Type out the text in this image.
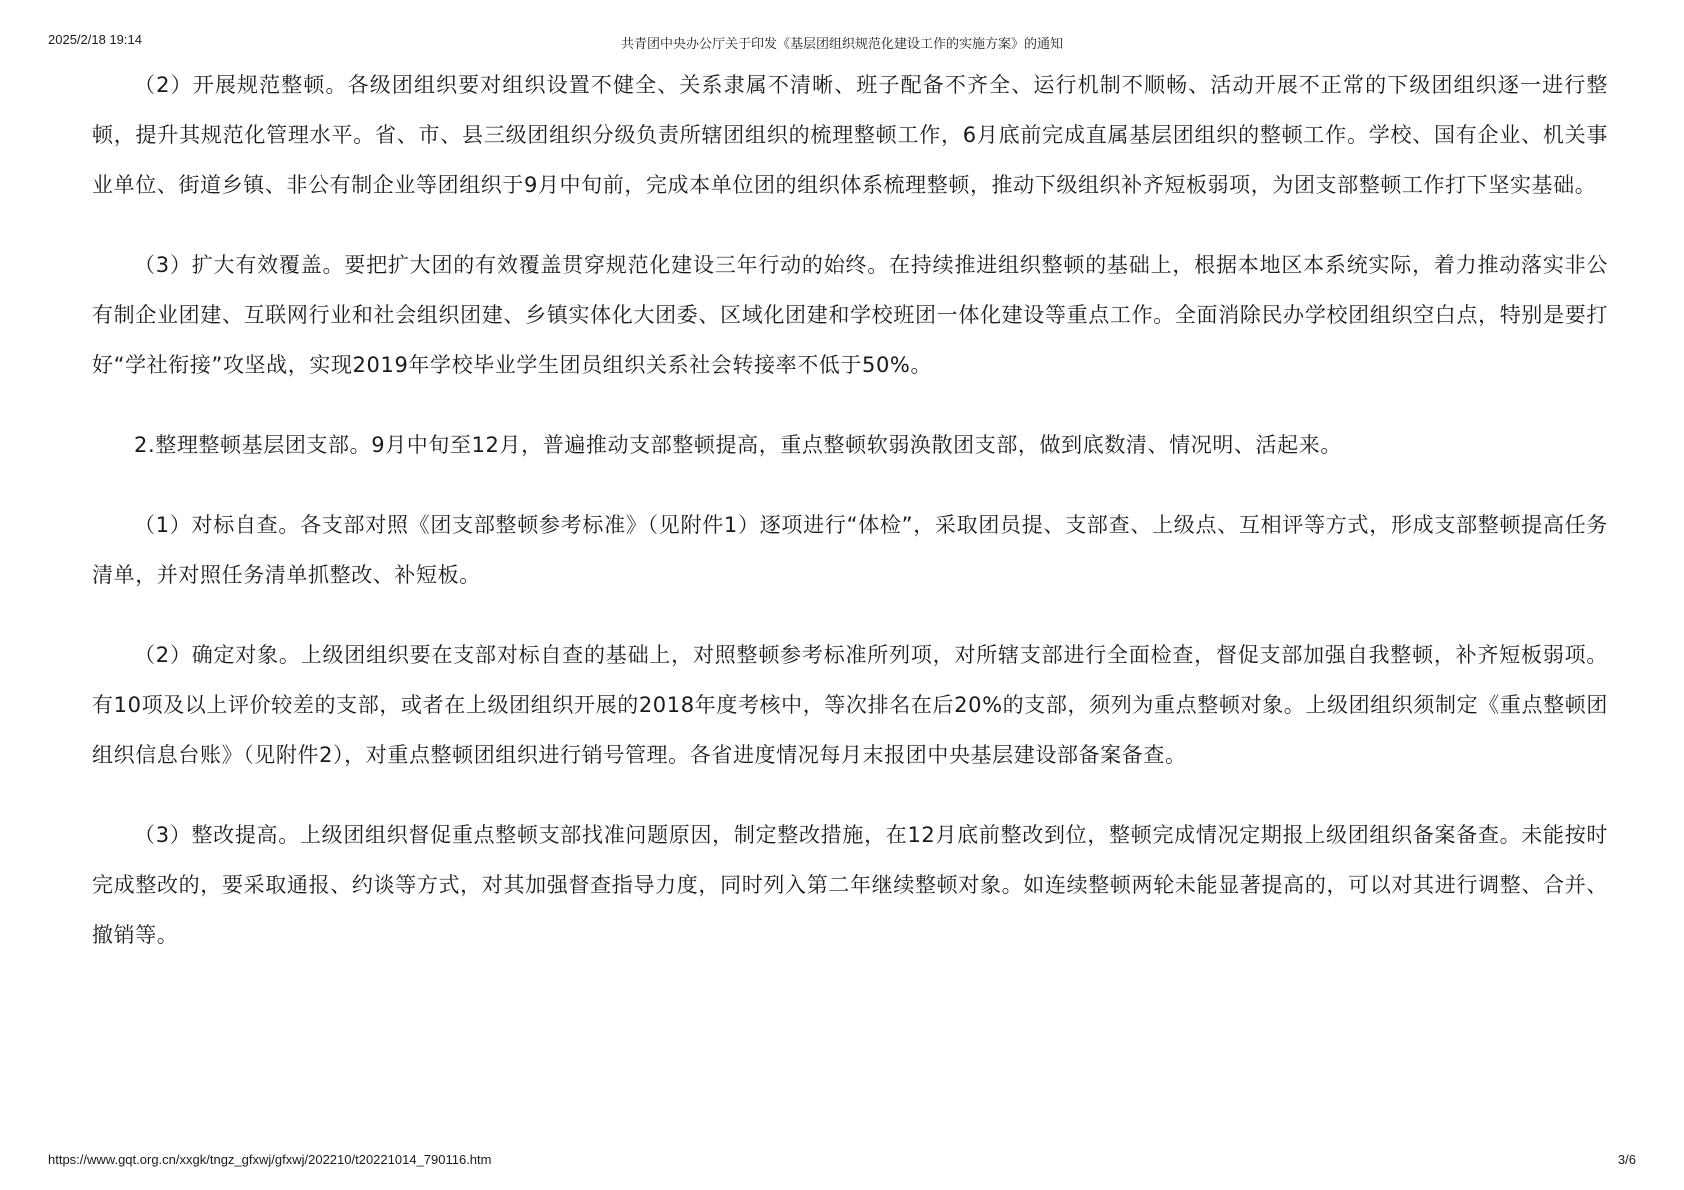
2025/2/18 19:14	共青团中央办公厅关于印发《基层团组织规范化建设工作的实施方案》的通知

（2）开展规范整顿。各级团组织要对组织设置不健全、关系隶属不清晰、班子配备不齐全、运行机制不顺畅、活动开展不正常的下级团组织逐一进行整顿，提升其规范化管理水平。省、市、县三级团组织分级负责所辖团组织的梳理整顿工作，6月底前完成直属基层团组织的整顿工作。学校、国有企业、机关事业单位、街道乡镇、非公有制企业等团组织于9月中旬前，完成本单位团的组织体系梳理整顿，推动下级组织补齐短板弱项，为团支部整顿工作打下坚实基础。

（3）扩大有效覆盖。要把扩大团的有效覆盖贯穿规范化建设三年行动的始终。在持续推进组织整顿的基础上，根据本地区本系统实际，着力推动落实非公有制企业团建、互联网行业和社会组织团建、乡镇实体化大团委、区域化团建和学校班团一体化建设等重点工作。全面消除民办学校团组织空白点，特别是要打好“学社衔接”攻坚战，实现2019年学校毕业学生团员组织关系社会转接率不低于50%。

2.整理整顿基层团支部。9月中旬至12月，普遍推动支部整顿提高，重点整顿软弱涣散团支部，做到底数清、情况明、活起来。

（1）对标自查。各支部对照《团支部整顿参考标准》（见附件1）逐项进行“体检”，采取团员提、支部查、上级点、互相评等方式，形成支部整顿提高任务清单，并对照任务清单抓整改、补短板。

（2）确定对象。上级团组织要在支部对标自查的基础上，对照整顿参考标准所列项，对所辖支部进行全面检查，督促支部加强自我整顿，补齐短板弱项。有10项及以上评价较差的支部，或者在上级团组织开展的2018年度考核中，等次排名在后20%的支部，须列为重点整顿对象。上级团组织须制定《重点整顿团组织信息台账》（见附件2），对重点整顿团组织进行销号管理。各省进度情况每月末报团中央基层建设部备案备查。

（3）整改提高。上级团组织督促重点整顿支部找准问题原因，制定整改措施，在12月底前整改到位，整顿完成情况定期报上级团组织备案备查。未能按时完成整改的，要采取通报、约谈等方式，对其加强督查指导力度，同时列入第二年继续整顿对象。如连续整顿两轮未能显著提高的，可以对其进行调整、合并、撤销等。

https://www.gqt.org.cn/xxgk/tngz_gfxwj/gfxwj/202210/t20221014_790116.htm	3/6
